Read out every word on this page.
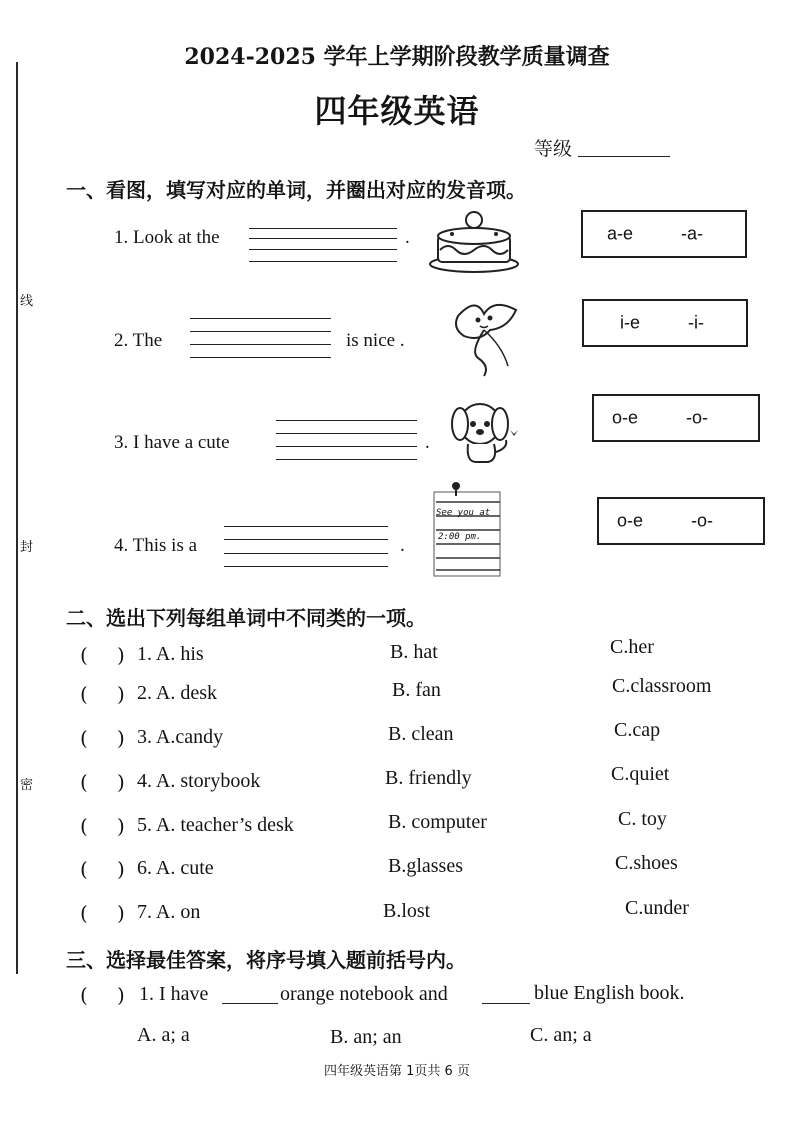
线
封
密
2024-2025 学年上学期阶段教学质量调查
四年级英语
等级
一、看图，填写对应的单词，并圈出对应的发音项。
1. Look at the	.	a-e	-a-
2. The	is nice .
i-e	-i-
3. I have a cute	.
o-e	-o-
4. This is a	.
See you at
2:00 pm.
o-e	-o-
二、选出下列每组单词中不同类的一项。
( ) 1. A. his	B. hat	C.her
( ) 2. A. desk	B. fan	C.classroom
( ) 3. A.candy	B. clean	C.cap
( ) 4. A. storybook	B. friendly	C.quiet
( ) 5. A. teacher’s desk	B. computer	C. toy
( ) 6. A. cute	B.glasses	C.shoes
( ) 7. A. on	B.lost	C.under
三、选择最佳答案，将序号填入题前括号内。
( ) 1. I have	orange notebook and	blue English book.
A. a; a	B. an; an	C. an; a
四年级英语第 1页共 6 页
